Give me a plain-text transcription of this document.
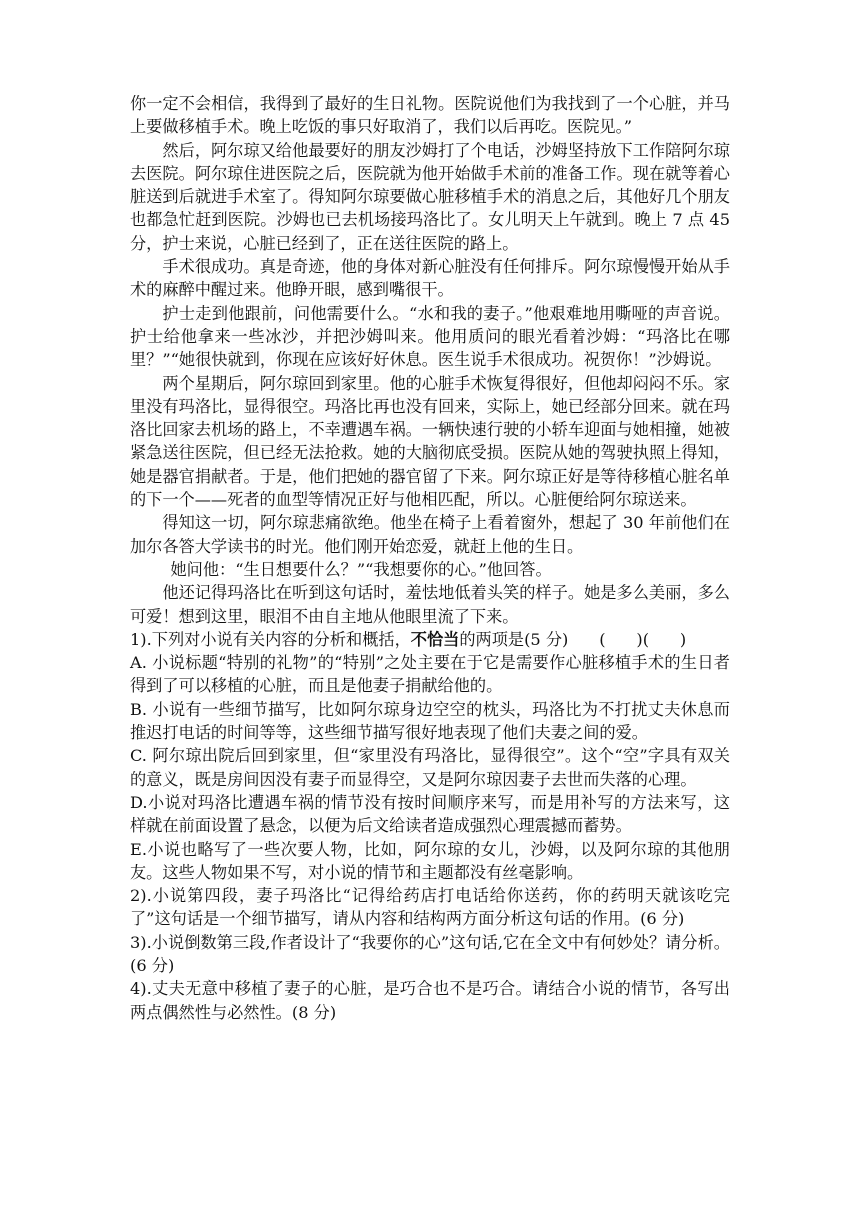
你一定不会相信，我得到了最好的生日礼物。医院说他们为我找到了一个心脏，并马上要做移植手术。晚上吃饭的事只好取消了，我们以后再吃。医院见。”

然后，阿尔琼又给他最要好的朋友沙姆打了个电话，沙姆坚持放下工作陪阿尔琼去医院。阿尔琼住进医院之后，医院就为他开始做手术前的准备工作。现在就等着心脏送到后就进手术室了。得知阿尔琼要做心脏移植手术的消息之后，其他好几个朋友也都急忙赶到医院。沙姆也已去机场接玛洛比了。女儿明天上午就到。晚上 7 点 45 分，护士来说，心脏已经到了，正在送往医院的路上。

手术很成功。真是奇迹，他的身体对新心脏没有任何排斥。阿尔琼慢慢开始从手术的麻醉中醒过来。他睁开眼，感到嘴很干。

护士走到他跟前，问他需要什么。“水和我的妻子。”他艰难地用嘶哑的声音说。护士给他拿来一些冰沙，并把沙姆叫来。他用质问的眼光看着沙姆：“玛洛比在哪里？”“她很快就到，你现在应该好好休息。医生说手术很成功。祝贺你！”沙姆说。

两个星期后，阿尔琼回到家里。他的心脏手术恢复得很好，但他却闷闷不乐。家里没有玛洛比，显得很空。玛洛比再也没有回来，实际上，她已经部分回来。就在玛洛比回家去机场的路上，不幸遭遇车祸。一辆快速行驶的小轿车迎面与她相撞，她被紧急送往医院，但已经无法抢救。她的大脑彻底受损。医院从她的驾驶执照上得知，她是器官捐献者。于是，他们把她的器官留了下来。阿尔琼正好是等待移植心脏名单的下一个——死者的血型等情况正好与他相匹配，所以。心脏便给阿尔琼送来。

得知这一切，阿尔琼悲痛欲绝。他坐在椅子上看着窗外，想起了 30 年前他们在加尔各答大学读书的时光。他们刚开始恋爱，就赶上他的生日。

她问他：“生日想要什么？”“我想要你的心。”他回答。

他还记得玛洛比在听到这句话时，羞怯地低着头笑的样子。她是多么美丽，多么可爱！想到这里，眼泪不由自主地从他眼里流了下来。

1).下列对小说有关内容的分析和概括，不恰当的两项是(5 分)      (      )(      )

A. 小说标题“特别的礼物”的“特别”之处主要在于它是需要作心脏移植手术的生日者得到了可以移植的心脏，而且是他妻子捐献给他的。

B. 小说有一些细节描写，比如阿尔琼身边空空的枕头，玛洛比为不打扰丈夫休息而推迟打电话的时间等等，这些细节描写很好地表现了他们夫妻之间的爱。

C. 阿尔琼出院后回到家里，但“家里没有玛洛比，显得很空”。这个“空”字具有双关的意义，既是房间因没有妻子而显得空，又是阿尔琼因妻子去世而失落的心理。

D.小说对玛洛比遭遇车祸的情节没有按时间顺序来写，而是用补写的方法来写，这样就在前面设置了悬念，以便为后文给读者造成强烈心理震撼而蓄势。

E.小说也略写了一些次要人物，比如，阿尔琼的女儿，沙姆，以及阿尔琼的其他朋友。这些人物如果不写，对小说的情节和主题都没有丝毫影响。

2).小说第四段，妻子玛洛比“记得给药店打电话给你送药，你的药明天就该吃完了”这句话是一个细节描写，请从内容和结构两方面分析这句话的作用。(6 分)

3).小说倒数第三段,作者设计了“我要你的心”这句话,它在全文中有何妙处？请分析。(6 分)

4).丈夫无意中移植了妻子的心脏，是巧合也不是巧合。请结合小说的情节，各写出两点偶然性与必然性。(8 分)
